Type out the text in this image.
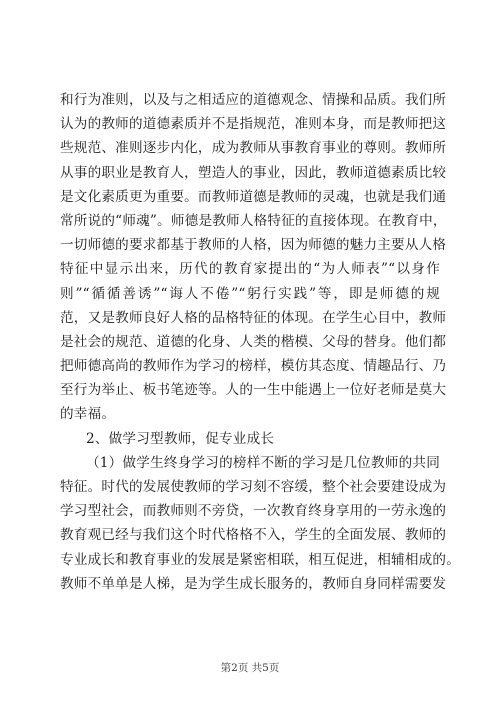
和行为准则，以及与之相适应的道德观念、情操和品质。我们所
认为的教师的道德素质并不是指规范，准则本身，而是教师把这
些规范、准则逐步内化，成为教师从事教育事业的尊则。教师所
从事的职业是教育人，塑造人的事业，因此，教师道德素质比较
是文化素质更为重要。而教师道德是教师的灵魂，也就是我们通
常所说的“师魂”。师德是教师人格特征的直接体现。在教育中，
一切师德的要求都基于教师的人格，因为师德的魅力主要从人格
特征中显示出来，历代的教育家提出的“为人师表”“以身作
则”“循循善诱”“诲人不倦”“躬行实践”等，即是师德的规
范，又是教师良好人格的品格特征的体现。在学生心目中，教师
是社会的规范、道德的化身、人类的楷模、父母的替身。他们都
把师德高尚的教师作为学习的榜样，模仿其态度、情趣品行、乃
至行为举止、板书笔迹等。人的一生中能遇上一位好老师是莫大
的幸福。
2、做学习型教师，促专业成长
（1）做学生终身学习的榜样不断的学习是几位教师的共同
特征。时代的发展使教师的学习刻不容缓，整个社会要建设成为
学习型社会，而教师则不旁贷，一次教育终身享用的一劳永逸的
教育观已经与我们这个时代格格不入，学生的全面发展、教师的
专业成长和教育事业的发展是紧密相联，相互促进，相辅相成的。
教师不单单是人梯，是为学生成长服务的，教师自身同样需要发
第2页 共5页
